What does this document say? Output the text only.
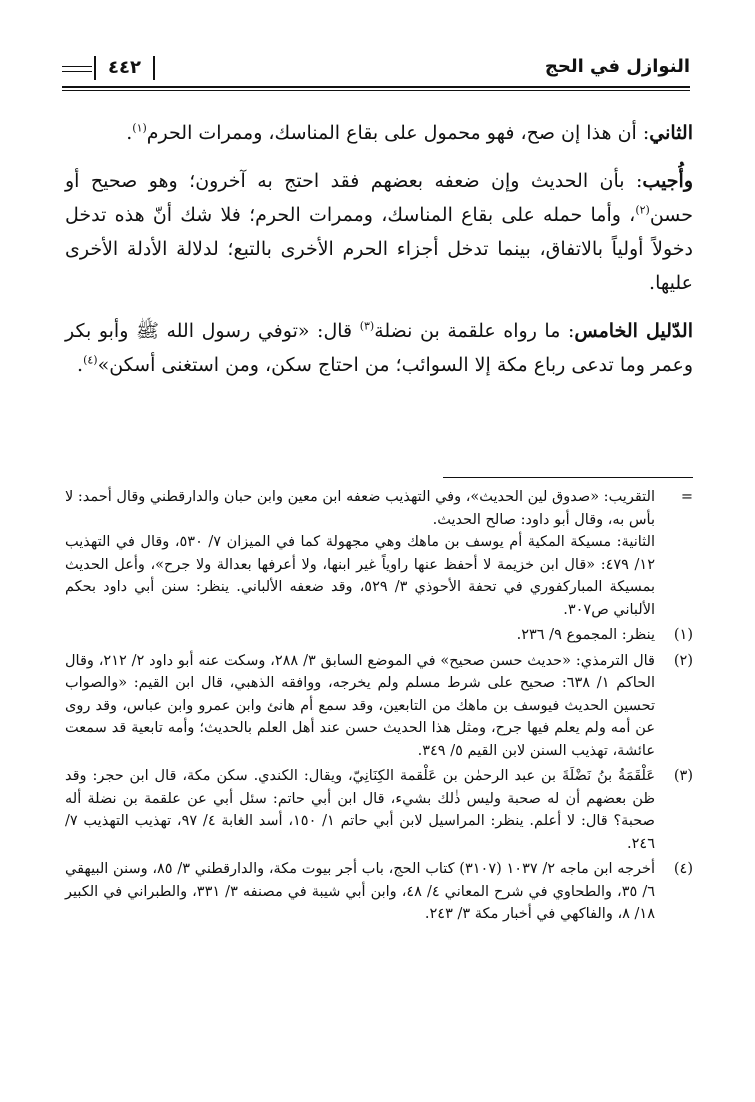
النوازل في الحج
٤٤٢

الثاني: أن هذا إن صح، فهو محمول على بقاع المناسك، وممرات الحرم$^{(١)}$.

وأُجيب: بأن الحديث وإن ضعفه بعضهم فقد احتج به آخرون؛ وهو صحيح أو حسن$^{(٢)}$، وأما حمله على بقاع المناسك، وممرات الحرم؛ فلا شك أنّ هذه تدخل دخولاً أولياً بالاتفاق، بينما تدخل أجزاء الحرم الأخرى بالتبع؛ لدلالة الأدلة الأخرى عليها.

الدّليل الخامس: ما رواه علقمة بن نضلة$^{(٣)}$ قال: «توفي رسول الله ﷺ وأبو بكر وعمر وما تدعى رباع مكة إلا السوائب؛ من احتاج سكن، ومن استغنى أسكن»$^{(٤)}$.

=
التقريب: «صدوق لين الحديث»، وفي التهذيب ضعفه ابن معين وابن حبان والدارقطني وقال أحمد: لا بأس به، وقال أبو داود: صالح الحديث.
الثانية: مسيكة المكية أم يوسف بن ماهك وهي مجهولة كما في الميزان ٧/ ٥٣٠، وقال في التهذيب ١٢/ ٤٧٩: «قال ابن خزيمة لا أحفظ عنها راوياً غير ابنها، ولا أعرفها بعدالة ولا جرح»، وأعل الحديث بمسيكة المباركفوري في تحفة الأحوذي ٣/ ٥٢٩، وقد ضعفه الألباني. ينظر: سنن أبي داود بحكم الألباني ص٣٠٧.
(١)
ينظر: المجموع ٩/ ٢٣٦.
(٢)
قال الترمذي: «حديث حسن صحيح» في الموضع السابق ٣/ ٢٨٨، وسكت عنه أبو داود ٢/ ٢١٢، وقال الحاكم ١/ ٦٣٨: صحيح على شرط مسلم ولم يخرجه، ووافقه الذهبي، قال ابن القيم: «والصواب تحسين الحديث فيوسف بن ماهك من التابعين، وقد سمع أم هانئ وابن عمرو وابن عباس، وقد روى عن أمه ولم يعلم فيها جرح، ومثل هذا الحديث حسن عند أهل العلم بالحديث؛ وأمه تابعية قد سمعت عائشة، تهذيب السنن لابن القيم ٥/ ٣٤٩.
(٣)
عَلْقَمَةُ بنُ نَضْلَةَ بن عبد الرحمٰن بن عَلْقمة الكِنَانِيّ، ويقال: الكندي. سكن مكة، قال ابن حجر: وقد ظن بعضهم أن له صحبة وليس ذٰلك بشيء، قال ابن أبي حاتم: سئل أبي عن علقمة بن نضلة أله صحبة؟ قال: لا أعلم. ينظر: المراسيل لابن أبي حاتم ١/ ١٥٠، أسد الغابة ٤/ ٩٧، تهذيب التهذيب ٧/ ٢٤٦.
(٤)
أخرجه ابن ماجه ٢/ ١٠٣٧ (٣١٠٧) كتاب الحج، باب أجر بيوت مكة، والدارقطني ٣/ ٨٥، وسنن البيهقي ٦/ ٣٥، والطحاوي في شرح المعاني ٤/ ٤٨، وابن أبي شيبة في مصنفه ٣/ ٣٣١، والطبراني في الكبير ١٨/ ٨، والفاكهي في أخبار مكة ٣/ ٢٤٣.
